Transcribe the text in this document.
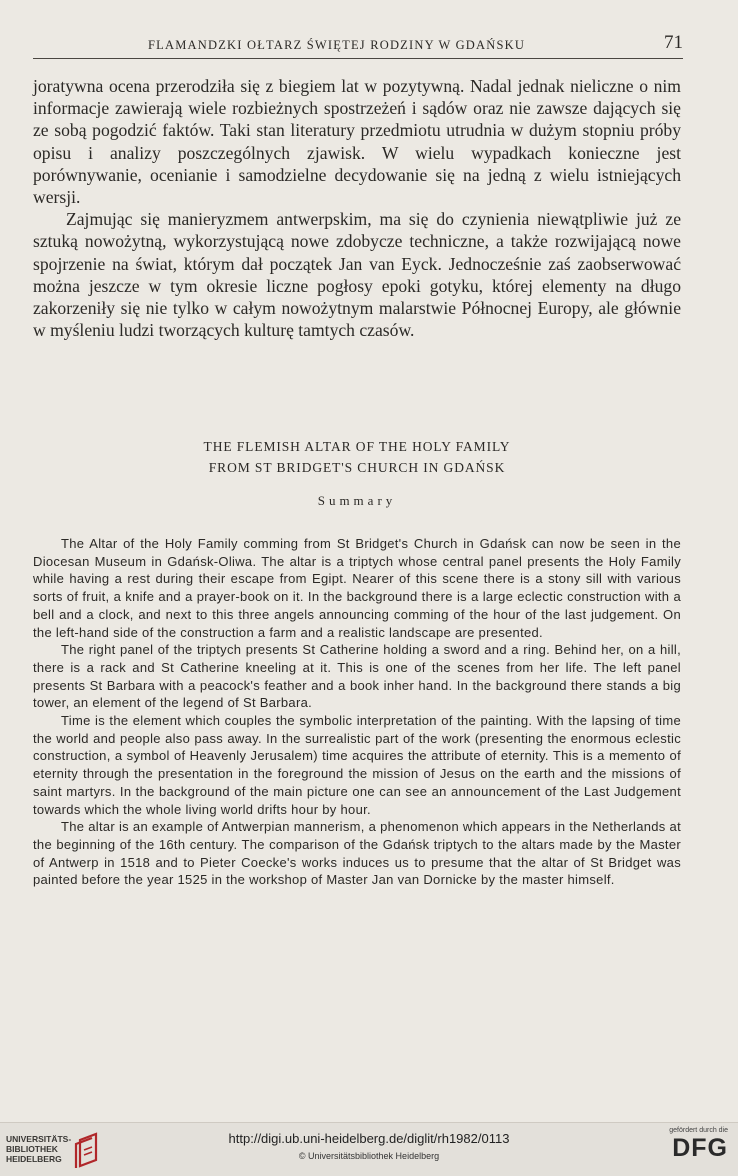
FLAMANDZKI OŁTARZ ŚWIĘTEJ RODZINY W GDAŃSKU	71

joratywna ocena przerodziła się z biegiem lat w pozytywną. Nadal jednak nieliczne o nim informacje zawierają wiele rozbieżnych spostrzeżeń i sądów oraz nie zawsze dających się ze sobą pogodzić faktów. Taki stan literatury przedmiotu utrudnia w dużym stopniu próby opisu i analizy poszczególnych zjawisk. W wielu wypadkach konieczne jest porównywanie, ocenianie i samodzielne decydowanie się na jedną z wielu istniejących wersji.

Zajmując się manieryzmem antwerpskim, ma się do czynienia niewątpliwie już ze sztuką nowożytną, wykorzystującą nowe zdobycze techniczne, a także rozwijającą nowe spojrzenie na świat, którym dał początek Jan van Eyck. Jednocześnie zaś zaobserwować można jeszcze w tym okresie liczne pogłosy epoki gotyku, której elementy na długo zakorzeniły się nie tylko w całym nowożytnym malarstwie Północnej Europy, ale głównie w myśleniu ludzi tworzących kulturę tamtych czasów.

THE FLEMISH ALTAR OF THE HOLY FAMILY
FROM ST BRIDGET'S CHURCH IN GDAŃSK
Summary

The Altar of the Holy Family comming from St Bridget's Church in Gdańsk can now be seen in the Diocesan Museum in Gdańsk-Oliwa. The altar is a triptych whose central panel presents the Holy Family while having a rest during their escape from Egipt. Nearer of this scene there is a stony sill with various sorts of fruit, a knife and a prayer-book on it. In the background there is a large eclectic construction with a bell and a clock, and next to this three angels announcing comming of the hour of the last judgement. On the left-hand side of the construction a farm and a realistic landscape are presented.

The right panel of the triptych presents St Catherine holding a sword and a ring. Behind her, on a hill, there is a rack and St Catherine kneeling at it. This is one of the scenes from her life. The left panel presents St Barbara with a peacock's feather and a book inher hand. In the background there stands a big tower, an element of the legend of St Barbara.

Time is the element which couples the symbolic interpretation of the painting. With the lapsing of time the world and people also pass away. In the surrealistic part of the work (presenting the enormous eclestic construction, a symbol of Heavenly Jerusalem) time acquires the attribute of eternity. This is a memento of eternity through the presentation in the foreground the mission of Jesus on the earth and the missions of saint martyrs. In the background of the main picture one can see an announcement of the Last Judgement towards which the whole living world drifts hour by hour.

The altar is an example of Antwerpian mannerism, a phenomenon which appears in the Netherlands at the beginning of the 16th century. The comparison of the Gdańsk triptych to the altars made by the Master of Antwerp in 1518 and to Pieter Coecke's works induces us to presume that the altar of St Bridget was painted before the year 1525 in the workshop of Master Jan van Dornicke by the master himself.

UNIVERSITÄTS-
BIBLIOTHEK
HEIDELBERG
http://digi.ub.uni-heidelberg.de/diglit/rh1982/0113
© Universitätsbibliothek Heidelberg
gefördert durch die
DFG
